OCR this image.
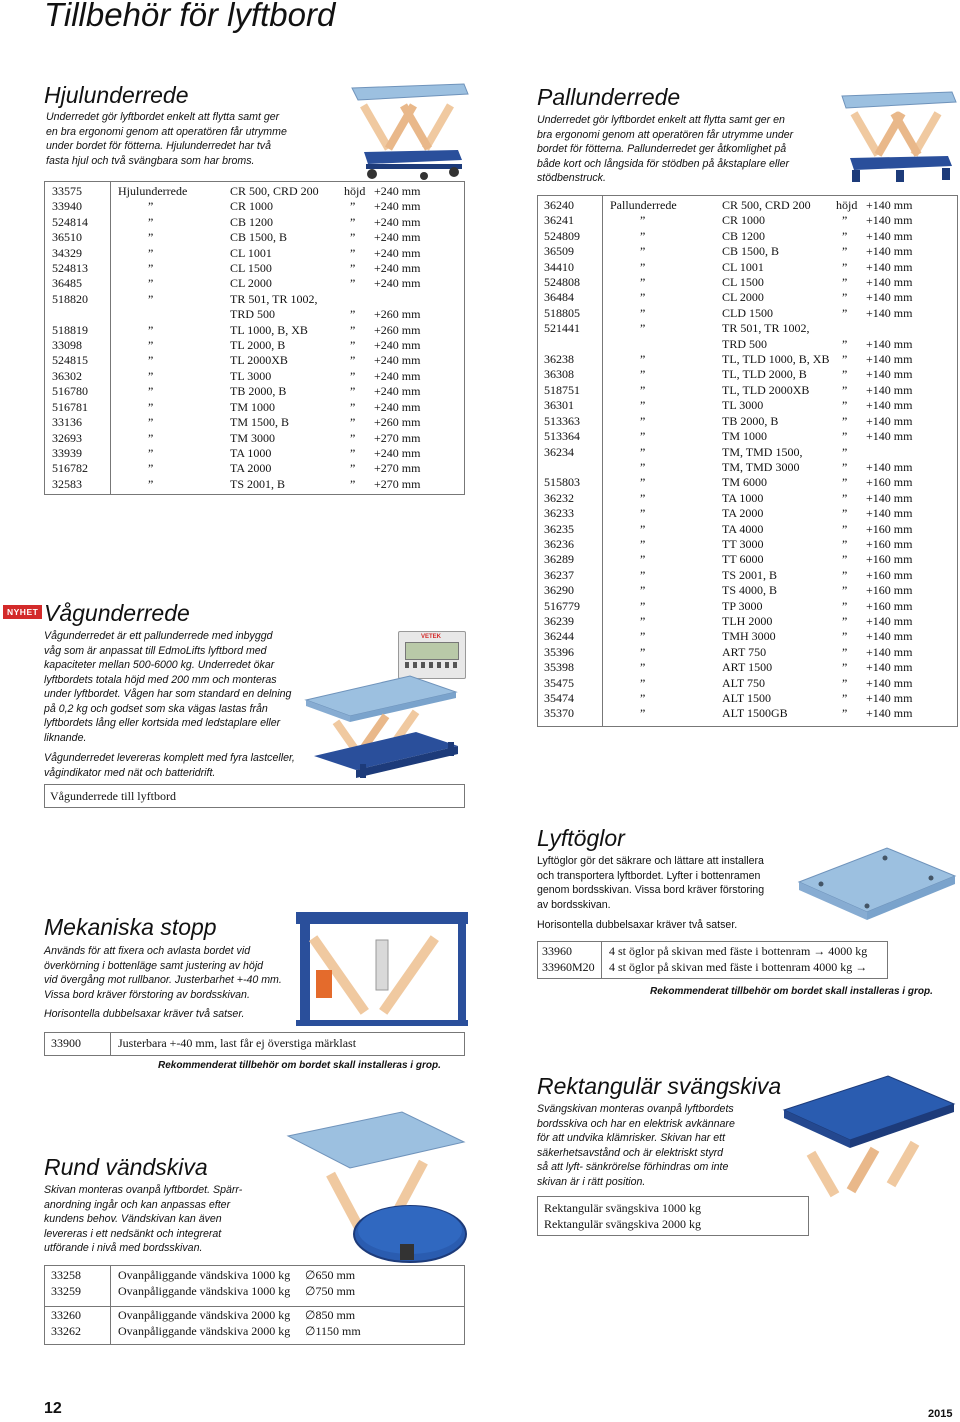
Tillbehör för lyftbord
Hjulunderrede

Underredet gör lyftbordet enkelt att flytta samt ger

en bra ergonomi genom att operatören får utrymme

under bordet för fötterna. Hjulunderredet har två

fasta hjul och två svängbara som har broms.

33575	Hjulunderrede	CR 500, CRD 200	höjd	+240 mm
33940	”	CR 1000	”	+240 mm
524814	”	CB 1200	”	+240 mm
36510	”	CB 1500, B	”	+240 mm
34329	”	CL 1001	”	+240 mm
524813	”	CL 1500	”	+240 mm
36485	”	CL 2000	”	+240 mm
518820	”	TR 501, TR 1002,		
		TRD 500	”	+260 mm
518819	”	TL 1000, B, XB	”	+260 mm
33098	”	TL 2000, B	”	+240 mm
524815	”	TL 2000XB	”	+240 mm
36302	”	TL 3000	”	+240 mm
516780	”	TB 2000, B	”	+240 mm
516781	”	TM 1000	”	+240 mm
33136	”	TM 1500, B	”	+260 mm
32693	”	TM 3000	”	+270 mm
33939	”	TA 1000	”	+240 mm
516782	”	TA 2000	”	+270 mm
32583	”	TS 2001, B	”	+270 mm
Pallunderrede

Underredet gör lyftbordet enkelt att flytta samt ger en

bra ergonomi genom att operatören får utrymme under

bordet för fötterna. Pallunderredet ger åtkomlighet på

både kort och långsida för stödben på åkstaplare eller

stödbenstruck.

36240	Pallunderrede	CR 500, CRD 200	höjd	+140 mm
36241	”	CR 1000	”	+140 mm
524809	”	CB 1200	”	+140 mm
36509	”	CB 1500, B	”	+140 mm
34410	”	CL 1001	”	+140 mm
524808	”	CL 1500	”	+140 mm
36484	”	CL 2000	”	+140 mm
518805	”	CLD 1500	”	+140 mm
521441	”	TR 501, TR 1002,		
		TRD 500	”	+140 mm
36238	”	TL, TLD 1000, B, XB	”	+140 mm
36308	”	TL, TLD 2000, B	”	+140 mm
518751	”	TL, TLD 2000XB	”	+140 mm
36301	”	TL 3000	”	+140 mm
513363	”	TB 2000, B	”	+140 mm
513364	”	TM 1000	”	+140 mm
36234	”	TM, TMD 1500,	”	
	”	TM, TMD 3000	”	+140 mm
515803	”	TM 6000	”	+160 mm
36232	”	TA 1000	”	+140 mm
36233	”	TA 2000	”	+140 mm
36235	”	TA 4000	”	+160 mm
36236	”	TT 3000	”	+160 mm
36289	”	TT 6000	”	+160 mm
36237	”	TS 2001, B	”	+160 mm
36290	”	TS 4000, B	”	+160 mm
516779	”	TP 3000	”	+160 mm
36239	”	TLH 2000	”	+140 mm
36244	”	TMH 3000	”	+140 mm
35396	”	ART 750	”	+140 mm
35398	”	ART 1500	”	+140 mm
35475	”	ALT 750	”	+140 mm
35474	”	ALT 1500	”	+140 mm
35370	”	ALT 1500GB	”	+140 mm
NYHET Vågunderrede

Vågunderredet är ett pallunderrede med inbyggd

våg som är anpassat till EdmoLifts lyftbord med

kapaciteter mellan 500-6000 kg. Underredet ökar

lyftbordets totala höjd med 200 mm och monteras

under lyftbordet. Vågen har som standard en delning

på 0,2 kg och godset som ska vägas lastas från

lyftbordets lång eller kortsida med ledstaplare eller

liknande.

Vågunderredet levereras komplett med fyra lastceller,

vågindikator med nät och batteridrift.

VETEK
Vågunderrede till lyftbord
Lyftöglor

Lyftöglor gör det säkrare och lättare att installera

och transportera lyftbordet. Lyfter i bottenramen

genom bordsskivan. Vissa bord kräver förstoring

av bordsskivan.

Horisontella dubbelsaxar kräver två satser.

33960	4 st öglor på skivan med fäste i bottenram → 4000 kg
33960M20 4 st öglor på skivan med fäste i bottenram 4000 kg →
Rekommenderat tillbehör om bordet skall installeras i grop.
Mekaniska stopp

Används för att fixera och avlasta bordet vid

överkörning i bottenläge samt justering av höjd

vid övergång mot rullbanor. Justerbarhet +-40 mm.

Vissa bord kräver förstoring av bordsskivan.

Horisontella dubbelsaxar kräver två satser.

33900	Justerbara +-40 mm, last får ej överstiga märklast
Rekommenderat tillbehör om bordet skall installeras i grop.
Rektangulär svängskiva

Svängskivan monteras ovanpå lyftbordets

bordsskiva och har en elektrisk avkännare

för att undvika klämrisker. Skivan har ett

säkerhetsavstånd och är elektriskt styrd

så att lyft- sänkrörelse förhindras om inte

skivan är i rätt position.

Rektangulär svängskiva 1000 kg
Rektangulär svängskiva 2000 kg
Rund vändskiva

Skivan monteras ovanpå lyftbordet. Spärr-

anordning ingår och kan anpassas efter

kundens behov. Vändskivan kan även

levereras i ett nedsänkt och integrerat

utförande i nivå med bordsskivan.

33258	Ovanpåliggande vändskiva 1000 kg ∅650 mm
33259	Ovanpåliggande vändskiva 1000 kg ∅750 mm
33260	Ovanpåliggande vändskiva 2000 kg ∅850 mm
33262	Ovanpåliggande vändskiva 2000 kg ∅1150 mm
12	2015
